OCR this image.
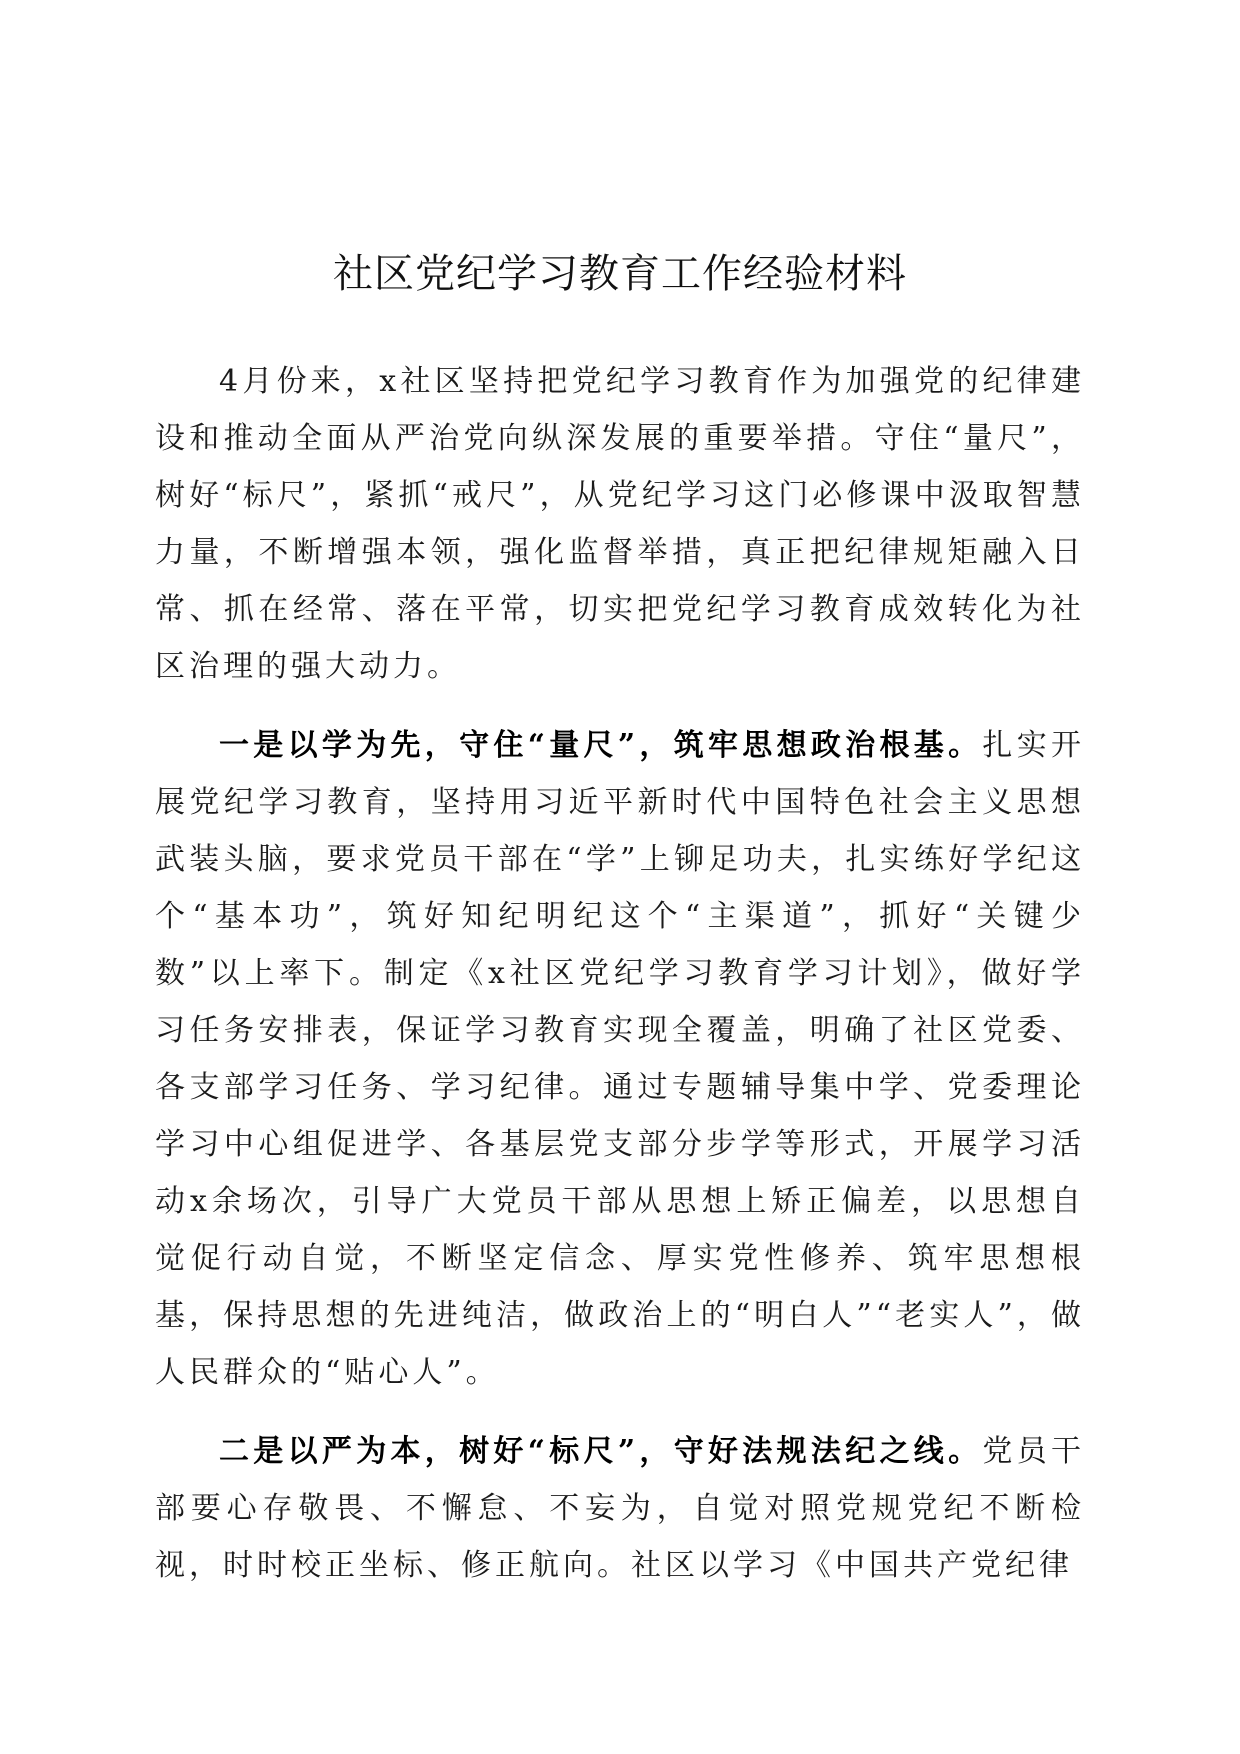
社区党纪学习教育工作经验材料

4月份来，x社区坚持把党纪学习教育作为加强党的纪律建设和推动全面从严治党向纵深发展的重要举措。守住“量尺”，树好“标尺”，紧抓“戒尺”，从党纪学习这门必修课中汲取智慧力量，不断增强本领，强化监督举措，真正把纪律规矩融入日常、抓在经常、落在平常，切实把党纪学习教育成效转化为社区治理的强大动力。

一是以学为先，守住“量尺”，筑牢思想政治根基。扎实开展党纪学习教育，坚持用习近平新时代中国特色社会主义思想武装头脑，要求党员干部在“学”上铆足功夫，扎实练好学纪这个“基本功”，筑好知纪明纪这个“主渠道”，抓好“关键少数”以上率下。制定《x社区党纪学习教育学习计划》，做好学习任务安排表，保证学习教育实现全覆盖，明确了社区党委、各支部学习任务、学习纪律。通过专题辅导集中学、党委理论学习中心组促进学、各基层党支部分步学等形式，开展学习活动x余场次，引导广大党员干部从思想上矫正偏差，以思想自觉促行动自觉，不断坚定信念、厚实党性修养、筑牢思想根基，保持思想的先进纯洁，做政治上的“明白人”“老实人”，做人民群众的“贴心人”。

二是以严为本，树好“标尺”，守好法规法纪之线。党员干部要心存敬畏、不懈怠、不妄为，自觉对照党规党纪不断检视，时时校正坐标、修正航向。社区以学习《中国共产党纪律
